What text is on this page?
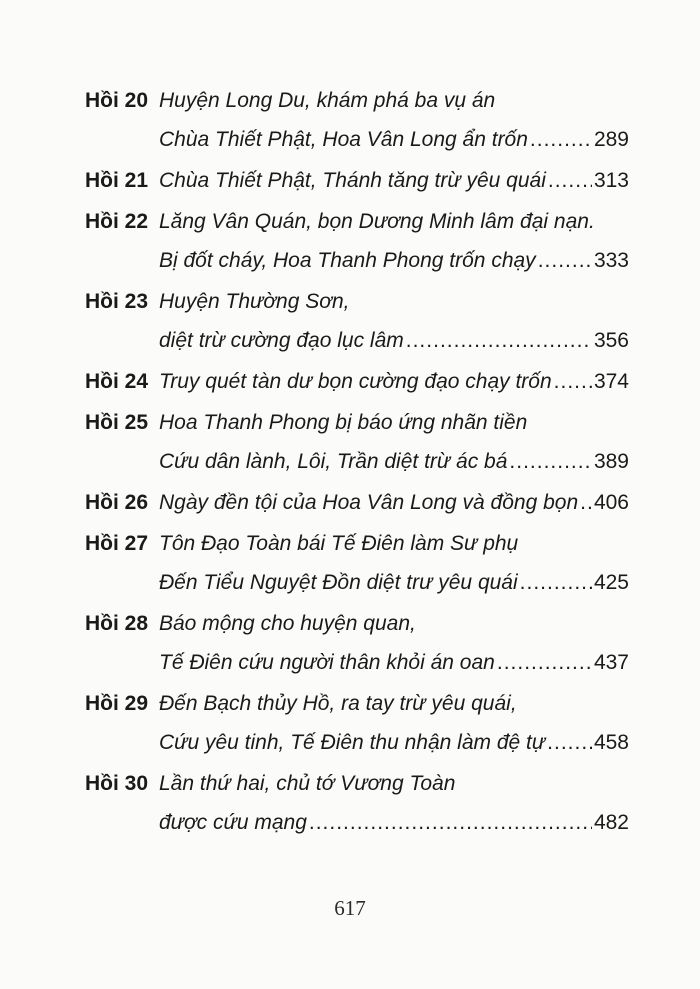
Hồi 20 Huyện Long Du, khám phá ba vụ án
Chùa Thiết Phật, Hoa Vân Long ẩn trốn .....	289
Hồi 21 Chùa Thiết Phật, Thánh tăng trừ yêu quái ..... 313
Hồi 22 Lăng Vân Quán, bọn Dương Minh lâm đại nạn.
Bị đốt cháy, Hoa Thanh Phong trốn chạy .....	333
Hồi 23 Huyện Thường Sơn,
diệt trừ cường đạo lục lâm .....	356
Hồi 24 Truy quét tàn dư bọn cường đạo chạy trốn ..... 374
Hồi 25 Hoa Thanh Phong bị báo ứng nhãn tiền
Cứu dân lành, Lôi, Trần diệt trừ ác bá .....	389
Hồi 26 Ngày đền tội của Hoa Vân Long và đồng bọn ..... 406
Hồi 27 Tôn Đạo Toàn bái Tế Điên làm Sư phụ
Đến Tiểu Nguyệt Đồn diệt trư yêu quái .....	425
Hồi 28 Báo mộng cho huyện quan,
Tế Điên cứu người thân khỏi án oan .....	437
Hồi 29 Đến Bạch thủy Hồ, ra tay trừ yêu quái,
Cứu yêu tinh, Tế Điên thu nhận làm đệ tự ..... 458
Hồi 30 Lần thứ hai, chủ tớ Vương Toàn
được cứu mạng .....	482
617
